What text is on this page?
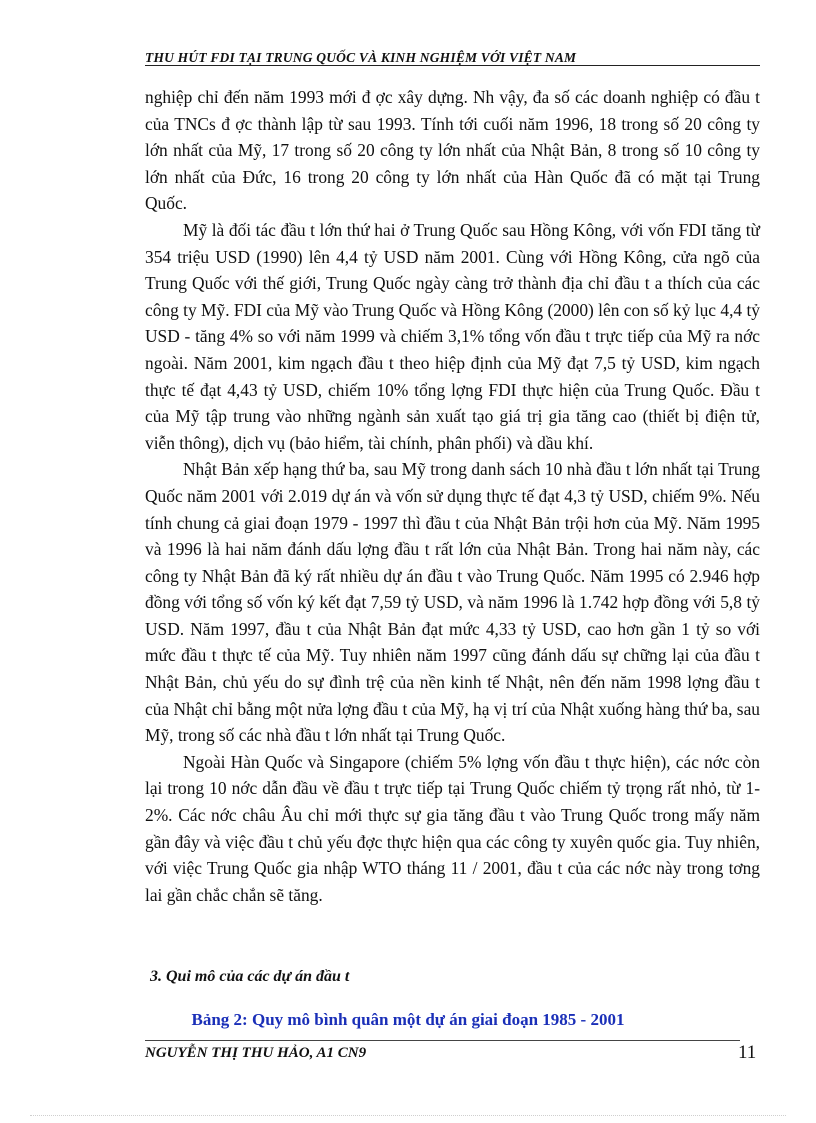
THU HÚT FDI TẠI TRUNG QUỐC VÀ KINH NGHIỆM VỚI VIỆT NAM

nghiệp chỉ đến năm 1993 mới đ ợc xây dựng. Nh vậy, đa số các doanh nghiệp có đầu t của TNCs đ ợc thành lập từ sau 1993. Tính tới cuối năm 1996, 18 trong số 20 công ty lớn nhất của Mỹ, 17 trong số 20 công ty lớn nhất của Nhật Bản, 8 trong số 10 công ty lớn nhất của Đức, 16 trong 20 công ty lớn nhất của Hàn Quốc đã có mặt tại Trung Quốc.

Mỹ là đối tác đầu t lớn thứ hai ở Trung Quốc sau Hồng Kông, với vốn FDI tăng từ 354 triệu USD (1990) lên 4,4 tỷ USD năm 2001. Cùng với Hồng Kông, cửa ngõ của Trung Quốc với thế giới, Trung Quốc ngày càng trở thành địa chỉ đầu t a thích của các công ty Mỹ. FDI của Mỹ vào Trung Quốc và Hồng Kông (2000) lên con số kỷ lục 4,4 tỷ USD - tăng 4% so với năm 1999 và chiếm 3,1% tổng vốn đầu t trực tiếp của Mỹ ra nớc ngoài. Năm 2001, kim ngạch đầu t theo hiệp định của Mỹ đạt 7,5 tỷ USD, kim ngạch thực tế đạt 4,43 tỷ USD, chiếm 10% tổng lợng FDI thực hiện của Trung Quốc. Đầu t của Mỹ tập trung vào những ngành sản xuất tạo giá trị gia tăng cao (thiết bị điện tử, viễn thông), dịch vụ (bảo hiểm, tài chính, phân phối) và dầu khí.

Nhật Bản xếp hạng thứ ba, sau Mỹ trong danh sách 10 nhà đầu t lớn nhất tại Trung Quốc năm 2001 với 2.019 dự án và vốn sử dụng thực tế đạt 4,3 tỷ USD, chiếm 9%. Nếu tính chung cả giai đoạn 1979 - 1997 thì đầu t của Nhật Bản trội hơn của Mỹ. Năm 1995 và 1996 là hai năm đánh dấu lợng đầu t rất lớn của Nhật Bản. Trong hai năm này, các công ty Nhật Bản đã ký rất nhiều dự án đầu t vào Trung Quốc. Năm 1995 có 2.946 hợp đồng với tổng số vốn ký kết đạt 7,59 tỷ USD, và năm 1996 là 1.742 hợp đồng với 5,8 tỷ USD. Năm 1997, đầu t của Nhật Bản đạt mức 4,33 tỷ USD, cao hơn gần 1 tỷ so với mức đầu t thực tế của Mỹ. Tuy nhiên năm 1997 cũng đánh dấu sự chững lại của đầu t Nhật Bản, chủ yếu do sự đình trệ của nền kinh tế Nhật, nên đến năm 1998 lợng đầu t của Nhật chỉ bằng một nửa lợng đầu t của Mỹ, hạ vị trí của Nhật xuống hàng thứ ba, sau Mỹ, trong số các nhà đầu t lớn nhất tại Trung Quốc.

Ngoài Hàn Quốc và Singapore (chiếm 5% lợng vốn đầu t thực hiện), các nớc còn lại trong 10 nớc dẫn đầu về đầu t trực tiếp tại Trung Quốc chiếm tỷ trọng rất nhỏ, từ 1-2%. Các nớc châu Âu chỉ mới thực sự gia tăng đầu t vào Trung Quốc trong mấy năm gần đây và việc đầu t chủ yếu đợc thực hiện qua các công ty xuyên quốc gia. Tuy nhiên, với việc Trung Quốc gia nhập WTO tháng 11 / 2001, đầu t của các nớc này trong tơng lai gần chắc chắn sẽ tăng.

3. Qui mô của các dự án đầu t
Bảng 2: Quy mô bình quân một dự án giai đoạn 1985 - 2001
NGUYỄN THỊ THU HẢO, A1 CN9	11
